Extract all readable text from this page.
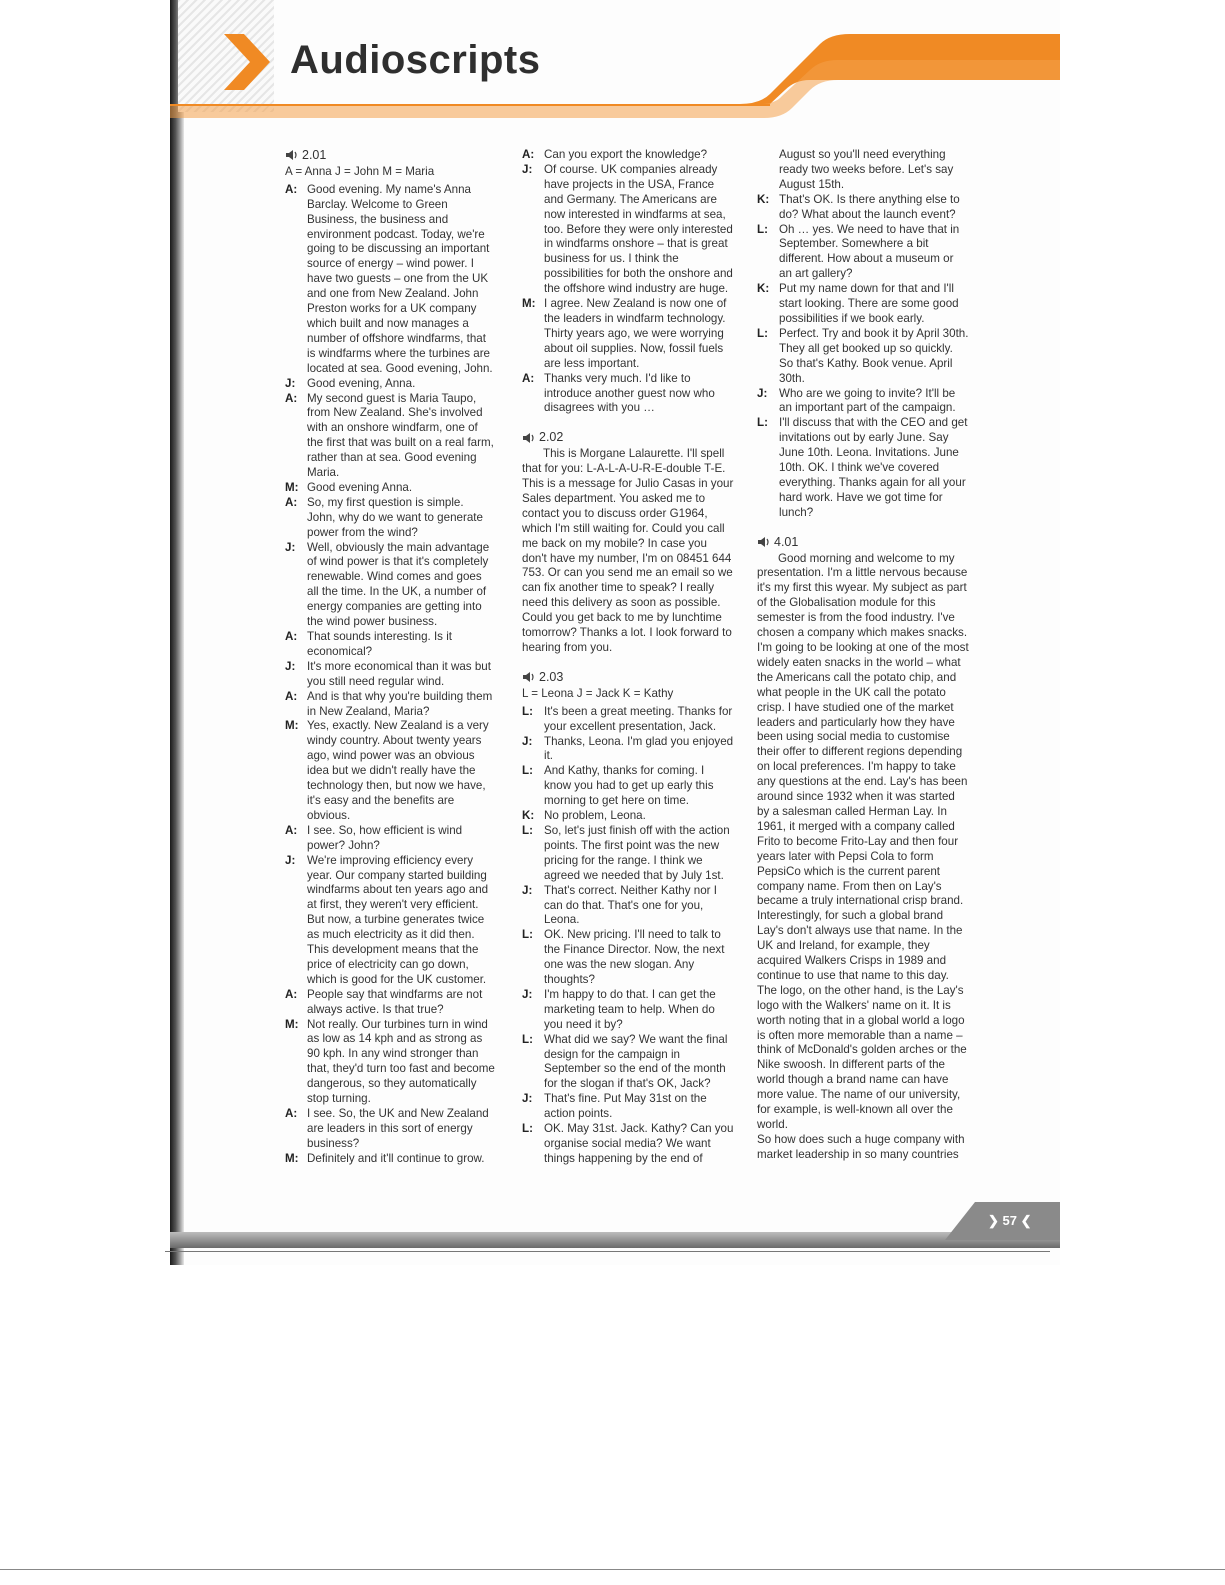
Audioscripts
2.01
A = Anna J = John M = Maria
A: Good evening. My name's Anna Barclay. Welcome to Green Business, the business and environment podcast. Today, we're going to be discussing an important source of energy – wind power. I have two guests – one from the UK and one from New Zealand. John Preston works for a UK company which built and now manages a number of offshore windfarms, that is windfarms where the turbines are located at sea. Good evening, John.
J:	Good evening, Anna.
A: My second guest is Maria Taupo, from New Zealand. She's involved with an onshore windfarm, one of the first that was built on a real farm, rather than at sea. Good evening Maria.
M: Good evening Anna.
A: So, my first question is simple. John, why do we want to generate power from the wind?
J:	Well, obviously the main advantage of wind power is that it's completely renewable. Wind comes and goes all the time. In the UK, a number of energy companies are getting into the wind power business.
A: That sounds interesting. Is it economical?
J:	It's more economical than it was but you still need regular wind.
A: And is that why you're building them in New Zealand, Maria?
M: Yes, exactly. New Zealand is a very windy country. About twenty years ago, wind power was an obvious idea but we didn't really have the technology then, but now we have, it's easy and the benefits are obvious.
A: I see. So, how efficient is wind power? John?
J:	We're improving efficiency every year. Our company started building windfarms about ten years ago and at first, they weren't very efficient. But now, a turbine generates twice as much electricity as it did then. This development means that the price of electricity can go down, which is good for the UK customer.
A: People say that windfarms are not always active. Is that true?
M: Not really. Our turbines turn in wind as low as 14 kph and as strong as 90 kph. In any wind stronger than that, they'd turn too fast and become dangerous, so they automatically stop turning.
A: I see. So, the UK and New Zealand are leaders in this sort of energy business?
M: Definitely and it'll continue to grow.
A: Can you export the knowledge?
J:	Of course. UK companies already have projects in the USA, France and Germany. The Americans are now interested in windfarms at sea, too. Before they were only interested in windfarms onshore – that is great business for us. I think the possibilities for both the onshore and the offshore wind industry are huge.
M: I agree. New Zealand is now one of the leaders in windfarm technology. Thirty years ago, we were worrying about oil supplies. Now, fossil fuels are less important.
A: Thanks very much. I'd like to introduce another guest now who disagrees with you …
2.02

This is Morgane Lalaurette. I'll spell that for you: L-A-L-A-U-R-E-double T-E. This is a message for Julio Casas in your Sales department. You asked me to contact you to discuss order G1964, which I'm still waiting for. Could you call me back on my mobile? In case you don't have my number, I'm on 08451 644 753. Or can you send me an email so we can fix another time to speak? I really need this delivery as soon as possible. Could you get back to me by lunchtime tomorrow? Thanks a lot. I look forward to hearing from you.

2.03
L = Leona J = Jack K = Kathy
L: It's been a great meeting. Thanks for your excellent presentation, Jack.
J:	Thanks, Leona. I'm glad you enjoyed it.
L: And Kathy, thanks for coming. I know you had to get up early this morning to get here on time.
K: No problem, Leona.
L: So, let's just finish off with the action points. The first point was the new pricing for the range. I think we agreed we needed that by July 1st.
J:	That's correct. Neither Kathy nor I can do that. That's one for you, Leona.
L: OK. New pricing. I'll need to talk to the Finance Director. Now, the next one was the new slogan. Any thoughts?
J:	I'm happy to do that. I can get the marketing team to help. When do you need it by?
L: What did we say? We want the final design for the campaign in September so the end of the month for the slogan if that's OK, Jack?
J:	That's fine. Put May 31st on the action points.
L: OK. May 31st. Jack. Kathy? Can you organise social media? We want things happening by the end of
August so you'll need everything ready two weeks before. Let's say August 15th.
K: That's OK. Is there anything else to do? What about the launch event?
L: Oh … yes. We need to have that in September. Somewhere a bit different. How about a museum or an art gallery?
K: Put my name down for that and I'll start looking. There are some good possibilities if we book early.
L: Perfect. Try and book it by April 30th. They all get booked up so quickly. So that's Kathy. Book venue. April 30th.
J:	Who are we going to invite? It'll be an important part of the campaign.
L: I'll discuss that with the CEO and get invitations out by early June. Say June 10th. Leona. Invitations. June 10th. OK. I think we've covered everything. Thanks again for all your hard work. Have we got time for lunch?
4.01

Good morning and welcome to my presentation. I'm a little nervous because it's my first this wyear. My subject as part of the Globalisation module for this semester is from the food industry. I've chosen a company which makes snacks. I'm going to be looking at one of the most widely eaten snacks in the world – what the Americans call the potato chip, and what people in the UK call the potato crisp. I have studied one of the market leaders and particularly how they have been using social media to customise their offer to different regions depending on local preferences. I'm happy to take any questions at the end. Lay's has been around since 1932 when it was started by a salesman called Herman Lay. In 1961, it merged with a company called Frito to become Frito-Lay and then four years later with Pepsi Cola to form PepsiCo which is the current parent company name. From then on Lay's became a truly international crisp brand. Interestingly, for such a global brand Lay's don't always use that name. In the UK and Ireland, for example, they acquired Walkers Crisps in 1989 and continue to use that name to this day. The logo, on the other hand, is the Lay's logo with the Walkers' name on it. It is worth noting that in a global world a logo is often more memorable than a name – think of McDonald's golden arches or the Nike swoosh. In different parts of the world though a brand name can have more value. The name of our university, for example, is well-known all over the world.

So how does such a huge company with market leadership in so many countries

❯ 57 ❮
